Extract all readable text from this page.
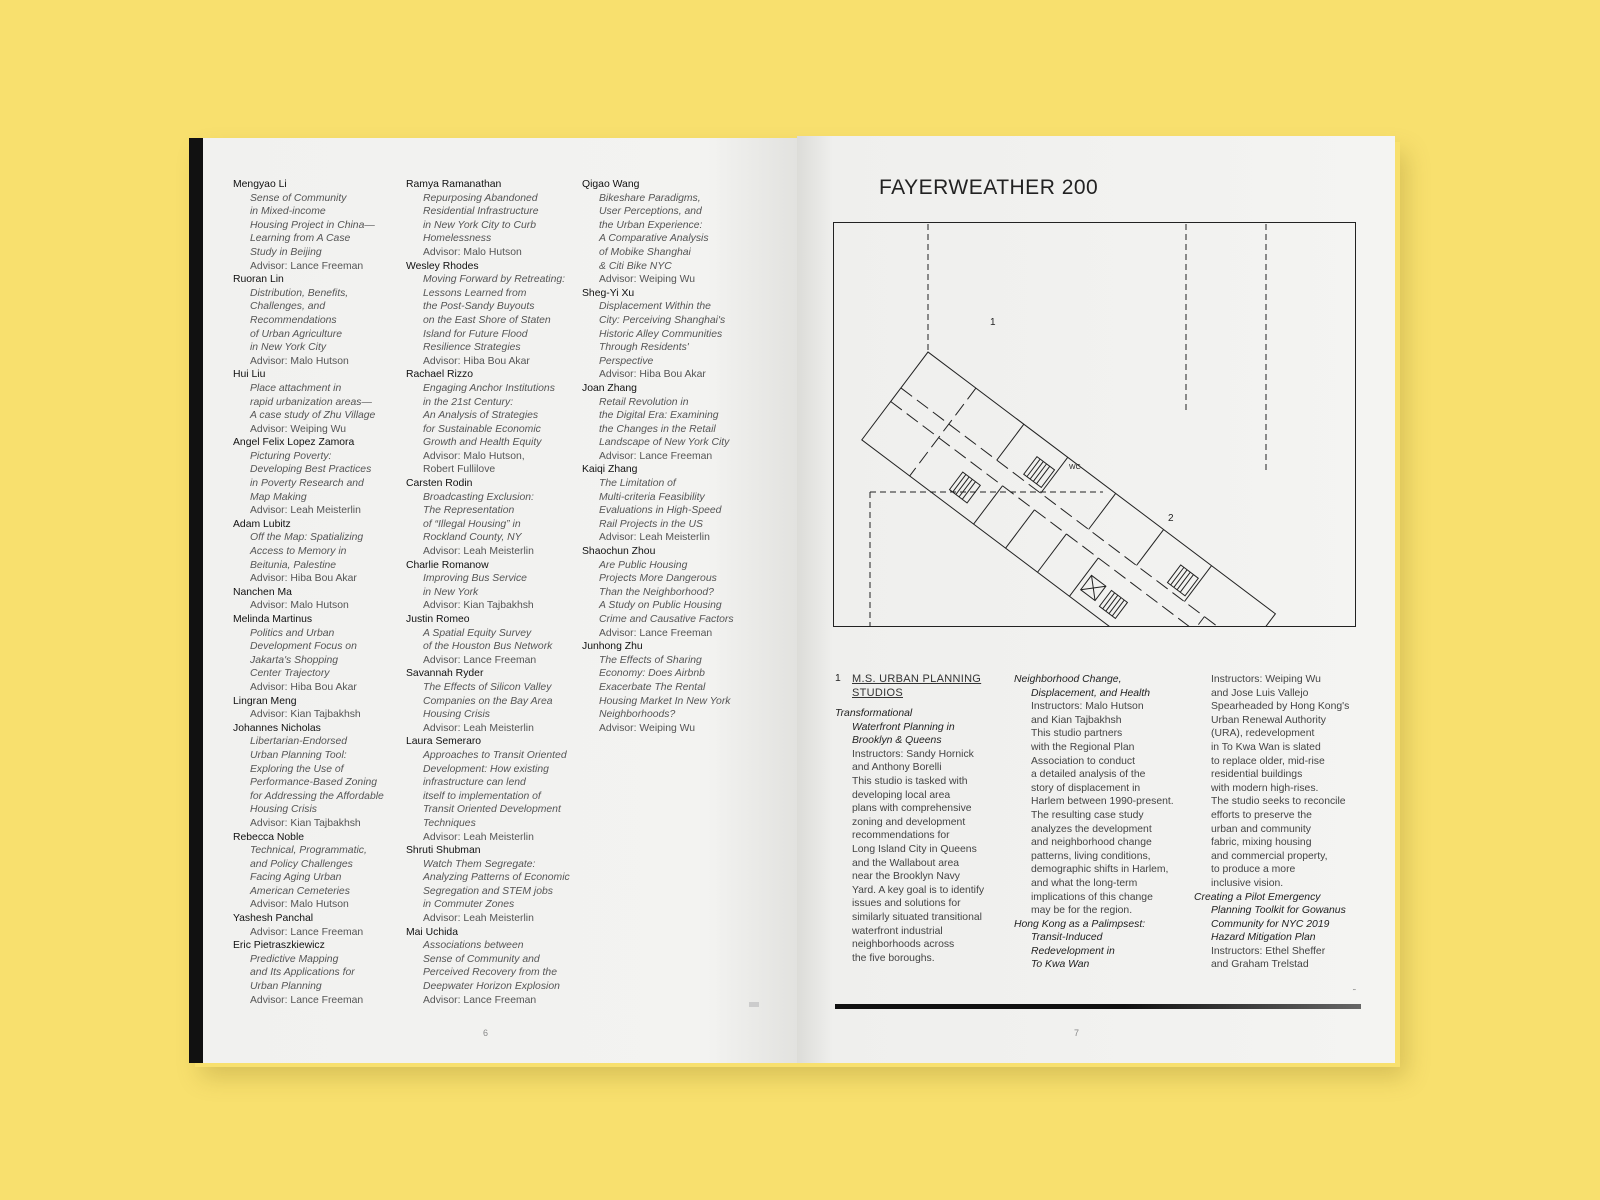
Mengyao Li
Sense of Community
in Mixed-income
Housing Project in China—
Learning from A Case
Study in Beijing
Advisor: Lance Freeman
Ruoran Lin
Distribution, Benefits,
Challenges, and
Recommendations
of Urban Agriculture
in New York City
Advisor: Malo Hutson
Hui Liu
Place attachment in
rapid urbanization areas—
A case study of Zhu Village
Advisor: Weiping Wu
Angel Felix Lopez Zamora
Picturing Poverty:
Developing Best Practices
in Poverty Research and
Map Making
Advisor: Leah Meisterlin
Adam Lubitz
Off the Map: Spatializing
Access to Memory in
Beitunia, Palestine
Advisor: Hiba Bou Akar
Nanchen Ma
Advisor: Malo Hutson
Melinda Martinus
Politics and Urban
Development Focus on
Jakarta's Shopping
Center Trajectory
Advisor: Hiba Bou Akar
Lingran Meng
Advisor: Kian Tajbakhsh
Johannes Nicholas
Libertarian-Endorsed
Urban Planning Tool:
Exploring the Use of
Performance-Based Zoning
for Addressing the Affordable
Housing Crisis
Advisor: Kian Tajbakhsh
Rebecca Noble
Technical, Programmatic,
and Policy Challenges
Facing Aging Urban
American Cemeteries
Advisor: Malo Hutson
Yashesh Panchal
Advisor: Lance Freeman
Eric Pietraszkiewicz
Predictive Mapping
and Its Applications for
Urban Planning
Advisor: Lance Freeman
Ramya Ramanathan
Repurposing Abandoned
Residential Infrastructure
in New York City to Curb
Homelessness
Advisor: Malo Hutson
Wesley Rhodes
Moving Forward by Retreating:
Lessons Learned from
the Post-Sandy Buyouts
on the East Shore of Staten
Island for Future Flood
Resilience Strategies
Advisor: Hiba Bou Akar
Rachael Rizzo
Engaging Anchor Institutions
in the 21st Century:
An Analysis of Strategies
for Sustainable Economic
Growth and Health Equity
Advisor: Malo Hutson,
Robert Fullilove
Carsten Rodin
Broadcasting Exclusion:
The Representation
of “Illegal Housing” in
Rockland County, NY
Advisor: Leah Meisterlin
Charlie Romanow
Improving Bus Service
in New York
Advisor: Kian Tajbakhsh
Justin Romeo
A Spatial Equity Survey
of the Houston Bus Network
Advisor: Lance Freeman
Savannah Ryder
The Effects of Silicon Valley
Companies on the Bay Area
Housing Crisis
Advisor: Leah Meisterlin
Laura Semeraro
Approaches to Transit Oriented
Development: How existing
infrastructure can lend
itself to implementation of
Transit Oriented Development
Techniques
Advisor: Leah Meisterlin
Shruti Shubman
Watch Them Segregate:
Analyzing Patterns of Economic
Segregation and STEM jobs
in Commuter Zones
Advisor: Leah Meisterlin
Mai Uchida
Associations between
Sense of Community and
Perceived Recovery from the
Deepwater Horizon Explosion
Advisor: Lance Freeman
Qigao Wang
Bikeshare Paradigms,
User Perceptions, and
the Urban Experience:
A Comparative Analysis
of Mobike Shanghai
& Citi Bike NYC
Advisor: Weiping Wu
Sheg-Yi Xu
Displacement Within the
City: Perceiving Shanghai's
Historic Alley Communities
Through Residents'
Perspective
Advisor: Hiba Bou Akar
Joan Zhang
Retail Revolution in
the Digital Era: Examining
the Changes in the Retail
Landscape of New York City
Advisor: Lance Freeman
Kaiqi Zhang
The Limitation of
Multi-criteria Feasibility
Evaluations in High-Speed
Rail Projects in the US
Advisor: Leah Meisterlin
Shaochun Zhou
Are Public Housing
Projects More Dangerous
Than the Neighborhood?
A Study on Public Housing
Crime and Causative Factors
Advisor: Lance Freeman
Junhong Zhu
The Effects of Sharing
Economy: Does Airbnb
Exacerbate The Rental
Housing Market In New York
Neighborhoods?
Advisor: Weiping Wu
6
FAYERWEATHER 200
1
2
WC
1 M.S. URBAN PLANNING
STUDIOS
Transformational
Waterfront Planning in
Brooklyn & Queens
Instructors: Sandy Hornick
and Anthony Borelli
This studio is tasked with
developing local area
plans with comprehensive
zoning and development
recommendations for
Long Island City in Queens
and the Wallabout area
near the Brooklyn Navy
Yard. A key goal is to identify
issues and solutions for
similarly situated transitional
waterfront industrial
neighborhoods across
the five boroughs.
Neighborhood Change,
Displacement, and Health
Instructors: Malo Hutson
and Kian Tajbakhsh
This studio partners
with the Regional Plan
Association to conduct
a detailed analysis of the
story of displacement in
Harlem between 1990-present.
The resulting case study
analyzes the development
and neighborhood change
patterns, living conditions,
demographic shifts in Harlem,
and what the long-term
implications of this change
may be for the region.
Hong Kong as a Palimpsest:
Transit-Induced
Redevelopment in
To Kwa Wan
Instructors: Weiping Wu
and Jose Luis Vallejo
Spearheaded by Hong Kong's
Urban Renewal Authority
(URA), redevelopment
in To Kwa Wan is slated
to replace older, mid-rise
residential buildings
with modern high-rises.
The studio seeks to reconcile
efforts to preserve the
urban and community
fabric, mixing housing
and commercial property,
to produce a more
inclusive vision.
Creating a Pilot Emergency
Planning Toolkit for Gowanus
Community for NYC 2019
Hazard Mitigation Plan
Instructors: Ethel Sheffer
and Graham Trelstad
˜
7
